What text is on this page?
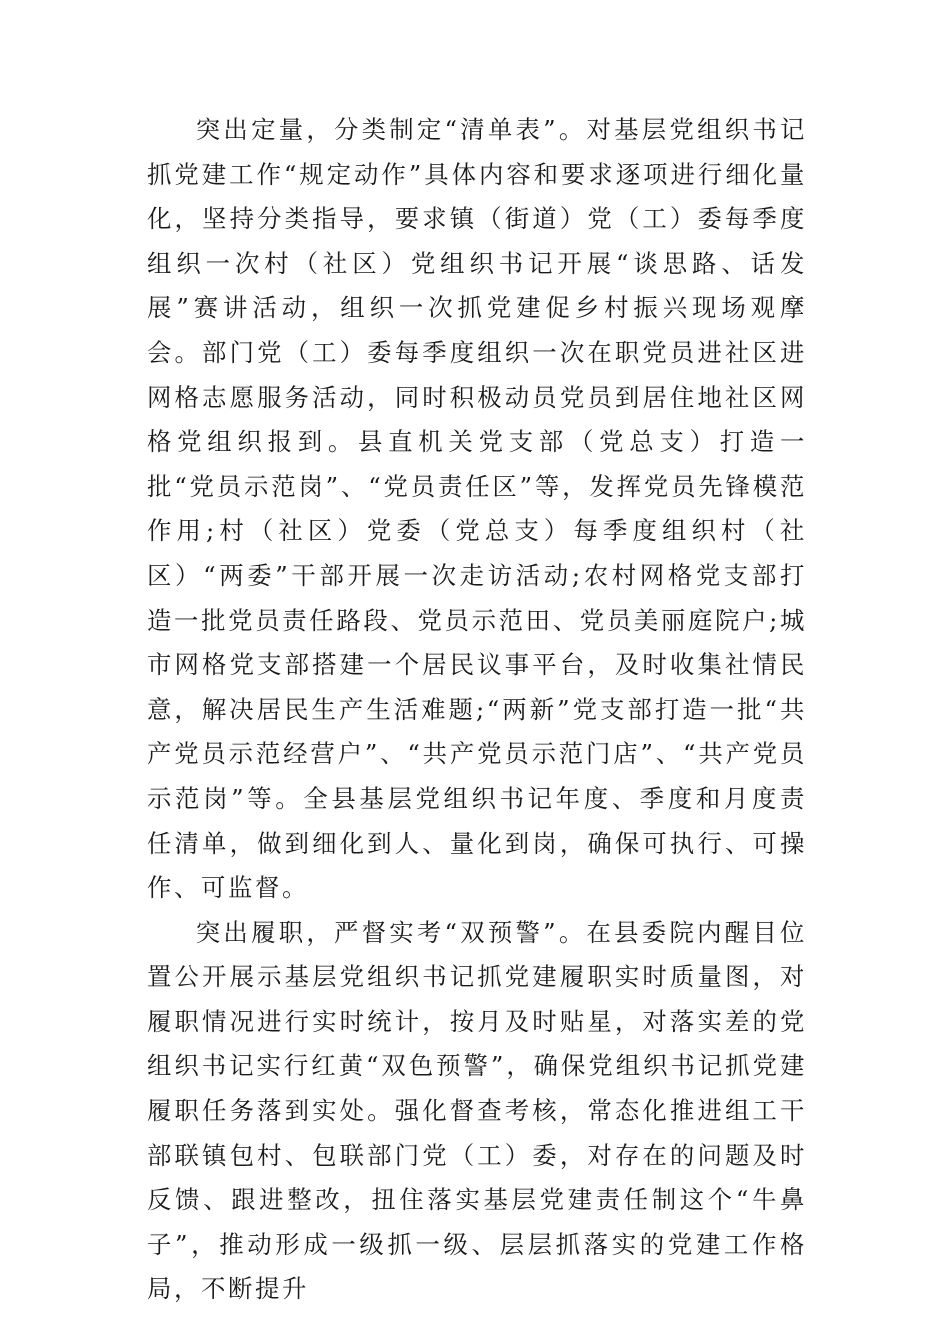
突出定量，分类制定“清单表”。对基层党组织书记抓党建工作“规定动作”具体内容和要求逐项进行细化量化，坚持分类指导，要求镇（街道）党（工）委每季度组织一次村（社区）党组织书记开展“谈思路、话发展”赛讲活动，组织一次抓党建促乡村振兴现场观摩会。部门党（工）委每季度组织一次在职党员进社区进网格志愿服务活动，同时积极动员党员到居住地社区网格党组织报到。县直机关党支部（党总支）打造一批“党员示范岗”、“党员责任区”等，发挥党员先锋模范作用;村（社区）党委（党总支）每季度组织村（社区）“两委”干部开展一次走访活动;农村网格党支部打造一批党员责任路段、党员示范田、党员美丽庭院户;城市网格党支部搭建一个居民议事平台，及时收集社情民意，解决居民生产生活难题;“两新”党支部打造一批“共产党员示范经营户”、“共产党员示范门店”、“共产党员示范岗”等。全县基层党组织书记年度、季度和月度责任清单，做到细化到人、量化到岗，确保可执行、可操作、可监督。

突出履职，严督实考“双预警”。在县委院内醒目位置公开展示基层党组织书记抓党建履职实时质量图，对履职情况进行实时统计，按月及时贴星，对落实差的党组织书记实行红黄“双色预警”，确保党组织书记抓党建履职任务落到实处。强化督查考核，常态化推进组工干部联镇包村、包联部门党（工）委，对存在的问题及时反馈、跟进整改，扭住落实基层党建责任制这个“牛鼻子”，推动形成一级抓一级、层层抓落实的党建工作格局，不断提升
